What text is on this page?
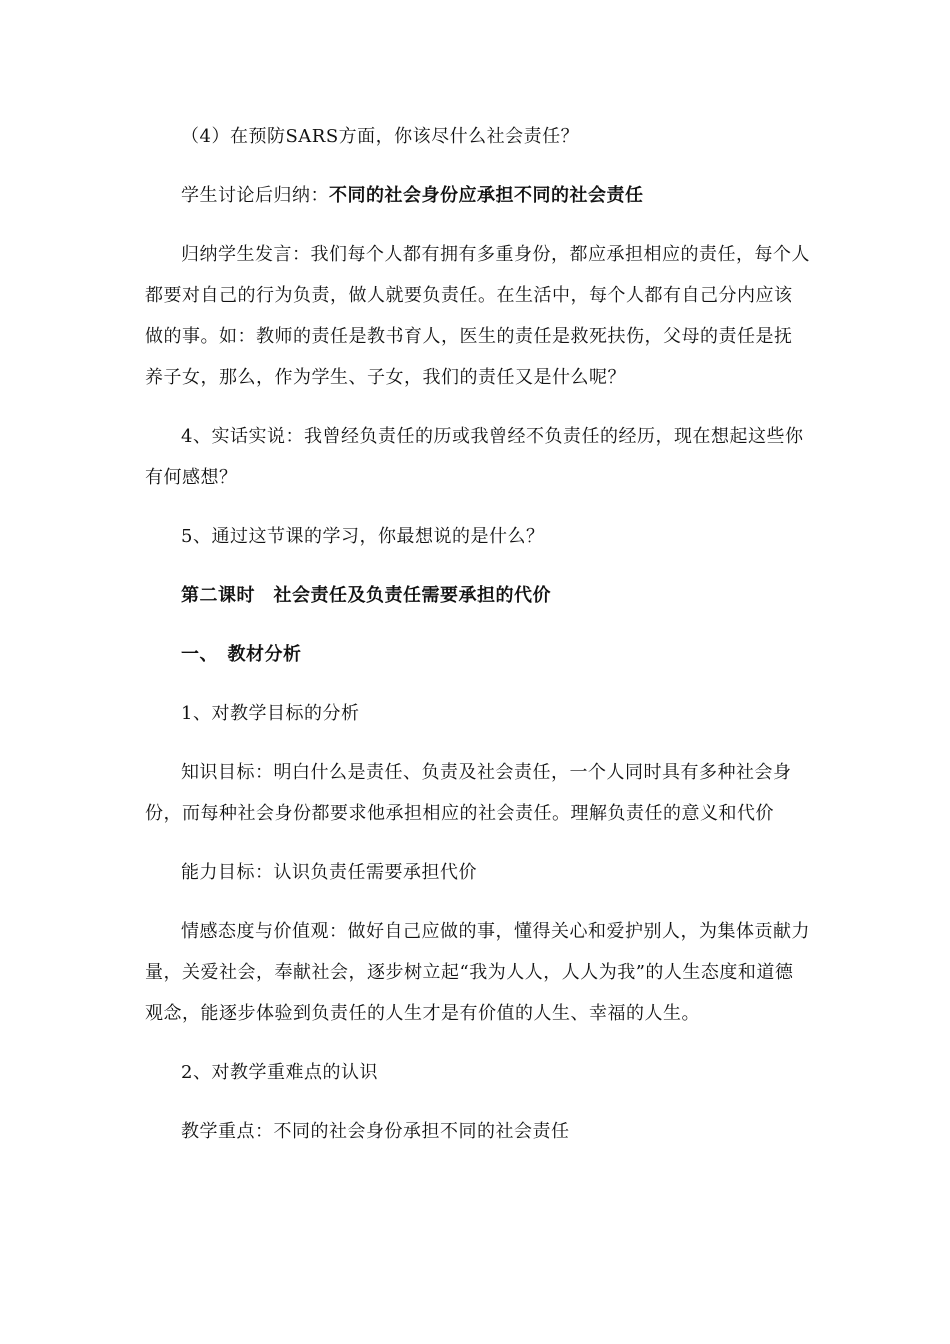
（4）在预防SARS方面，你该尽什么社会责任？

学生讨论后归纳：不同的社会身份应承担不同的社会责任

归纳学生发言：我们每个人都有拥有多重身份，都应承担相应的责任，每个人都要对自己的行为负责，做人就要负责任。在生活中，每个人都有自己分内应该做的事。如：教师的责任是教书育人，医生的责任是救死扶伤，父母的责任是抚养子女，那么，作为学生、子女，我们的责任又是什么呢？

4、实话实说：我曾经负责任的历或我曾经不负责任的经历，现在想起这些你有何感想？

5、通过这节课的学习，你最想说的是什么？

第二课时　社会责任及负责任需要承担的代价

一、　教材分析

1、对教学目标的分析

知识目标：明白什么是责任、负责及社会责任，一个人同时具有多种社会身份，而每种社会身份都要求他承担相应的社会责任。理解负责任的意义和代价

能力目标：认识负责任需要承担代价

情感态度与价值观：做好自己应做的事，懂得关心和爱护别人，为集体贡献力量，关爱社会，奉献社会，逐步树立起“我为人人，人人为我”的人生态度和道德观念，能逐步体验到负责任的人生才是有价值的人生、幸福的人生。

2、对教学重难点的认识

教学重点：不同的社会身份承担不同的社会责任
